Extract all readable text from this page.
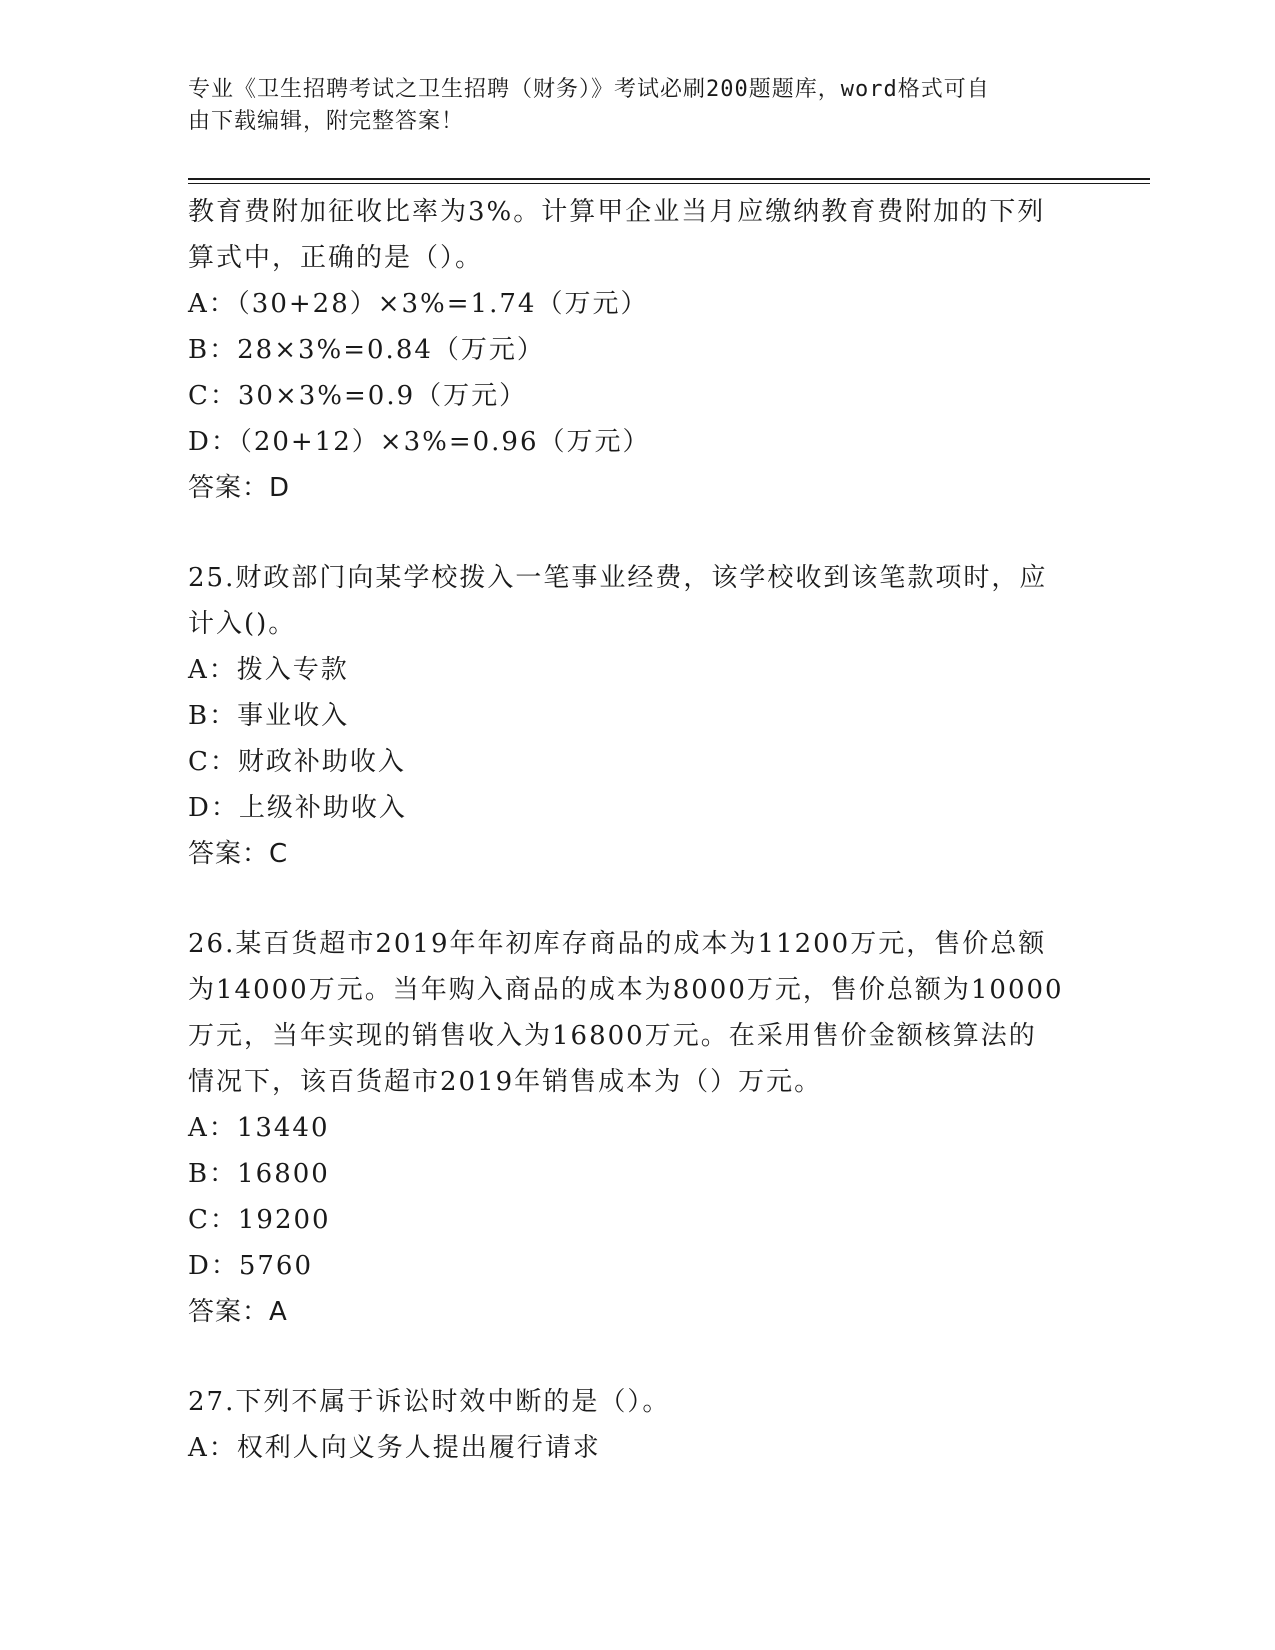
专业《卫生招聘考试之卫生招聘（财务）》考试必刷200题题库，word格式可自
由下载编辑，附完整答案！
教育费附加征收比率为3%。计算甲企业当月应缴纳教育费附加的下列
算式中，正确的是（）。
A：（30+28）×3%=1.74（万元）
B：28×3%=0.84（万元）
C：30×3%=0.9（万元）
D：（20+12）×3%=0.96（万元）
答案：D
25.财政部门向某学校拨入一笔事业经费，该学校收到该笔款项时，应
计入()。
A：拨入专款
B：事业收入
C：财政补助收入
D：上级补助收入
答案：C
26.某百货超市2019年年初库存商品的成本为11200万元，售价总额
为14000万元。当年购入商品的成本为8000万元，售价总额为10000
万元，当年实现的销售收入为16800万元。在采用售价金额核算法的
情况下，该百货超市2019年销售成本为（）万元。
A：13440
B：16800
C：19200
D：5760
答案：A
27.下列不属于诉讼时效中断的是（）。
A：权利人向义务人提出履行请求
